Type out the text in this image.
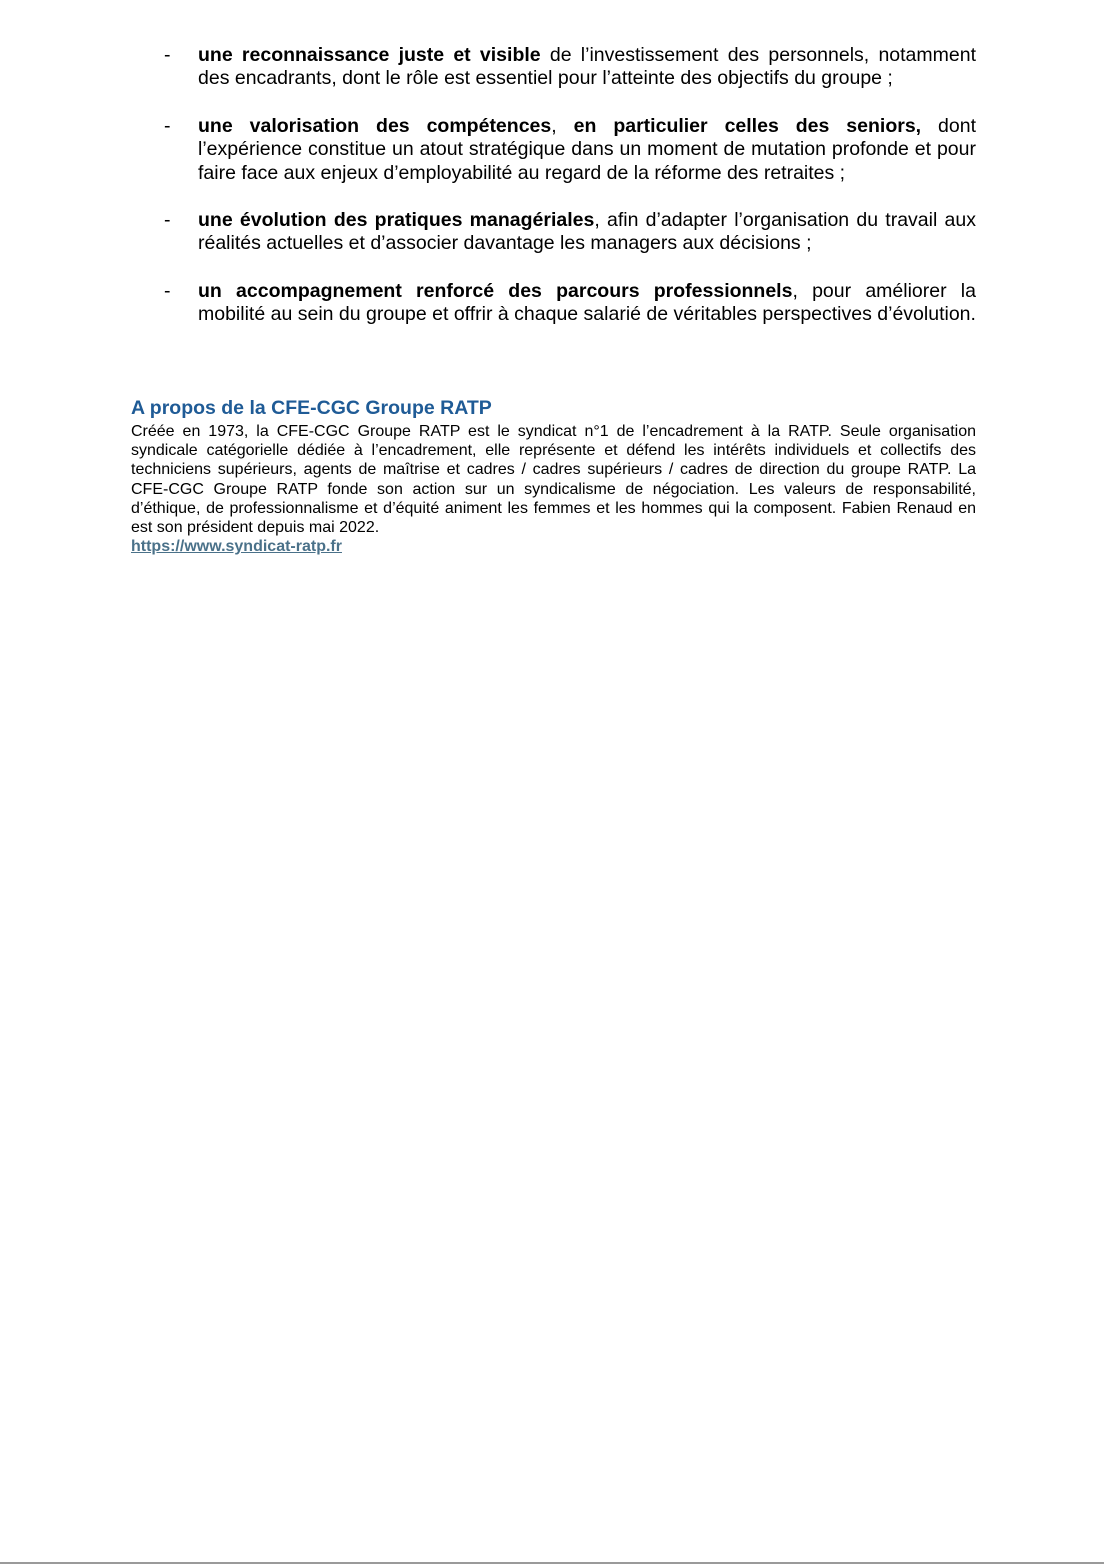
- une reconnaissance juste et visible de l’investissement des personnels, notamment des encadrants, dont le rôle est essentiel pour l’atteinte des objectifs du groupe ;
- une valorisation des compétences, en particulier celles des seniors, dont l’expérience constitue un atout stratégique dans un moment de mutation profonde et pour faire face aux enjeux d’employabilité au regard de la réforme des retraites ;
- une évolution des pratiques managériales, afin d’adapter l’organisation du travail aux réalités actuelles et d’associer davantage les managers aux décisions ;
- un accompagnement renforcé des parcours professionnels, pour améliorer la mobilité au sein du groupe et offrir à chaque salarié de véritables perspectives d’évolution.
A propos de la CFE-CGC Groupe RATP

Créée en 1973, la CFE-CGC Groupe RATP est le syndicat n°1 de l’encadrement à la RATP. Seule organisation syndicale catégorielle dédiée à l’encadrement, elle représente et défend les intérêts individuels et collectifs des techniciens supérieurs, agents de maîtrise et cadres / cadres supérieurs / cadres de direction du groupe RATP. La CFE-CGC Groupe RATP fonde son action sur un syndicalisme de négociation. Les valeurs de responsabilité, d’éthique, de professionnalisme et d’équité animent les femmes et les hommes qui la composent. Fabien Renaud en est son président depuis mai 2022.

https://www.syndicat-ratp.fr
